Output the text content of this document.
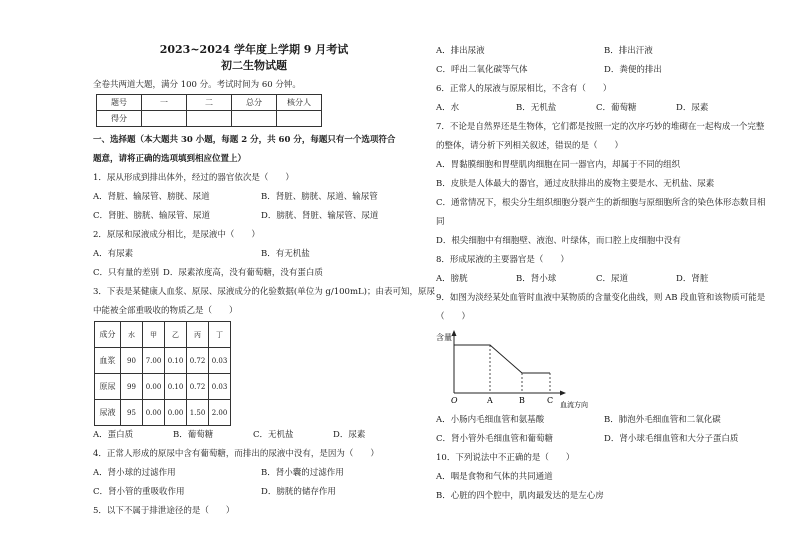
2023~2024 学年度上学期 9 月考试
初二生物试题
全卷共两道大题，满分 100 分。考试时间为 60 分钟。
题号	一	二	总分	核分人
得分				
一、选择题（本大题共 30 小题，每题 2 分，共 60 分，每题只有一个选项符合
题意，请将正确的选项填到相应位置上）
1．尿从形成到排出体外，经过的器官依次是（　　）
A．肾脏、输尿管、膀胱、尿道	B．肾脏、膀胱、尿道、输尿管
C．肾脏、膀胱、输尿管、尿道	D．膀胱、肾脏、输尿管、尿道
2．原尿和尿液成分相比，是尿液中（　　）
A．有尿素	B．有无机盐
C．只有量的差别 D．尿素浓度高，没有葡萄糖，没有蛋白质
3．下表是某健康人血浆、原尿、尿液成分的化验数据(单位为 g/100mL)；由表可知，原尿
中能被全部重吸收的物质乙是（　　）
成分	水	甲	乙	丙	丁
血浆	90	7.00	0.10	0.72	0.03
原尿	99	0.00	0.10	0.72	0.03
尿液	95	0.00	0.00	1.50	2.00
A．蛋白质	B．葡萄糖	C．无机盐	D．尿素
4．正常人形成的原尿中含有葡萄糖，而排出的尿液中没有，是因为（　　）
A．肾小球的过滤作用	B．肾小囊的过滤作用
C．肾小管的重吸收作用	D．膀胱的储存作用
5．以下不属于排泄途径的是（　　）
A．排出尿液	B．排出汗液
C．呼出二氧化碳等气体	D．粪便的排出
6．正常人的尿液与原尿相比，不含有（　　）
A．水	B．无机盐	C．葡萄糖	D．尿素
7．不论是自然界还是生物体，它们都是按照一定的次序巧妙的堆砌在一起构成一个完整
的整体，请分析下列相关叙述，错误的是（　　）
A．胃黏膜细胞和胃壁肌肉细胞在同一器官内，却属于不同的组织
B．皮肤是人体最大的器官，通过皮肤排出的废物主要是水、无机盐、尿素
C．通常情况下，根尖分生组织细胞分裂产生的新细胞与原细胞所含的染色体形态数目相
同
D．根尖细胞中有细胞壁、液泡、叶绿体，而口腔上皮细胞中没有
8．形成尿液的主要器官是（　　）
A．膀胱	B．肾小球	C．尿道	D．肾脏
9．如图为淡经某处血管时血液中某物质的含量变化曲线，则 AB 段血管和该物质可能是
（　　）
含量
O	A	B	C 血流方向
A．小肠内毛细血管和氨基酸	B．肺泡外毛细血管和二氧化碳
C．肾小管外毛细血管和葡萄糖	D．肾小球毛细血管和大分子蛋白质
10．下列说法中不正确的是（　　）
A．咽是食物和气体的共同通道
B．心脏的四个腔中，肌肉最发达的是左心房
